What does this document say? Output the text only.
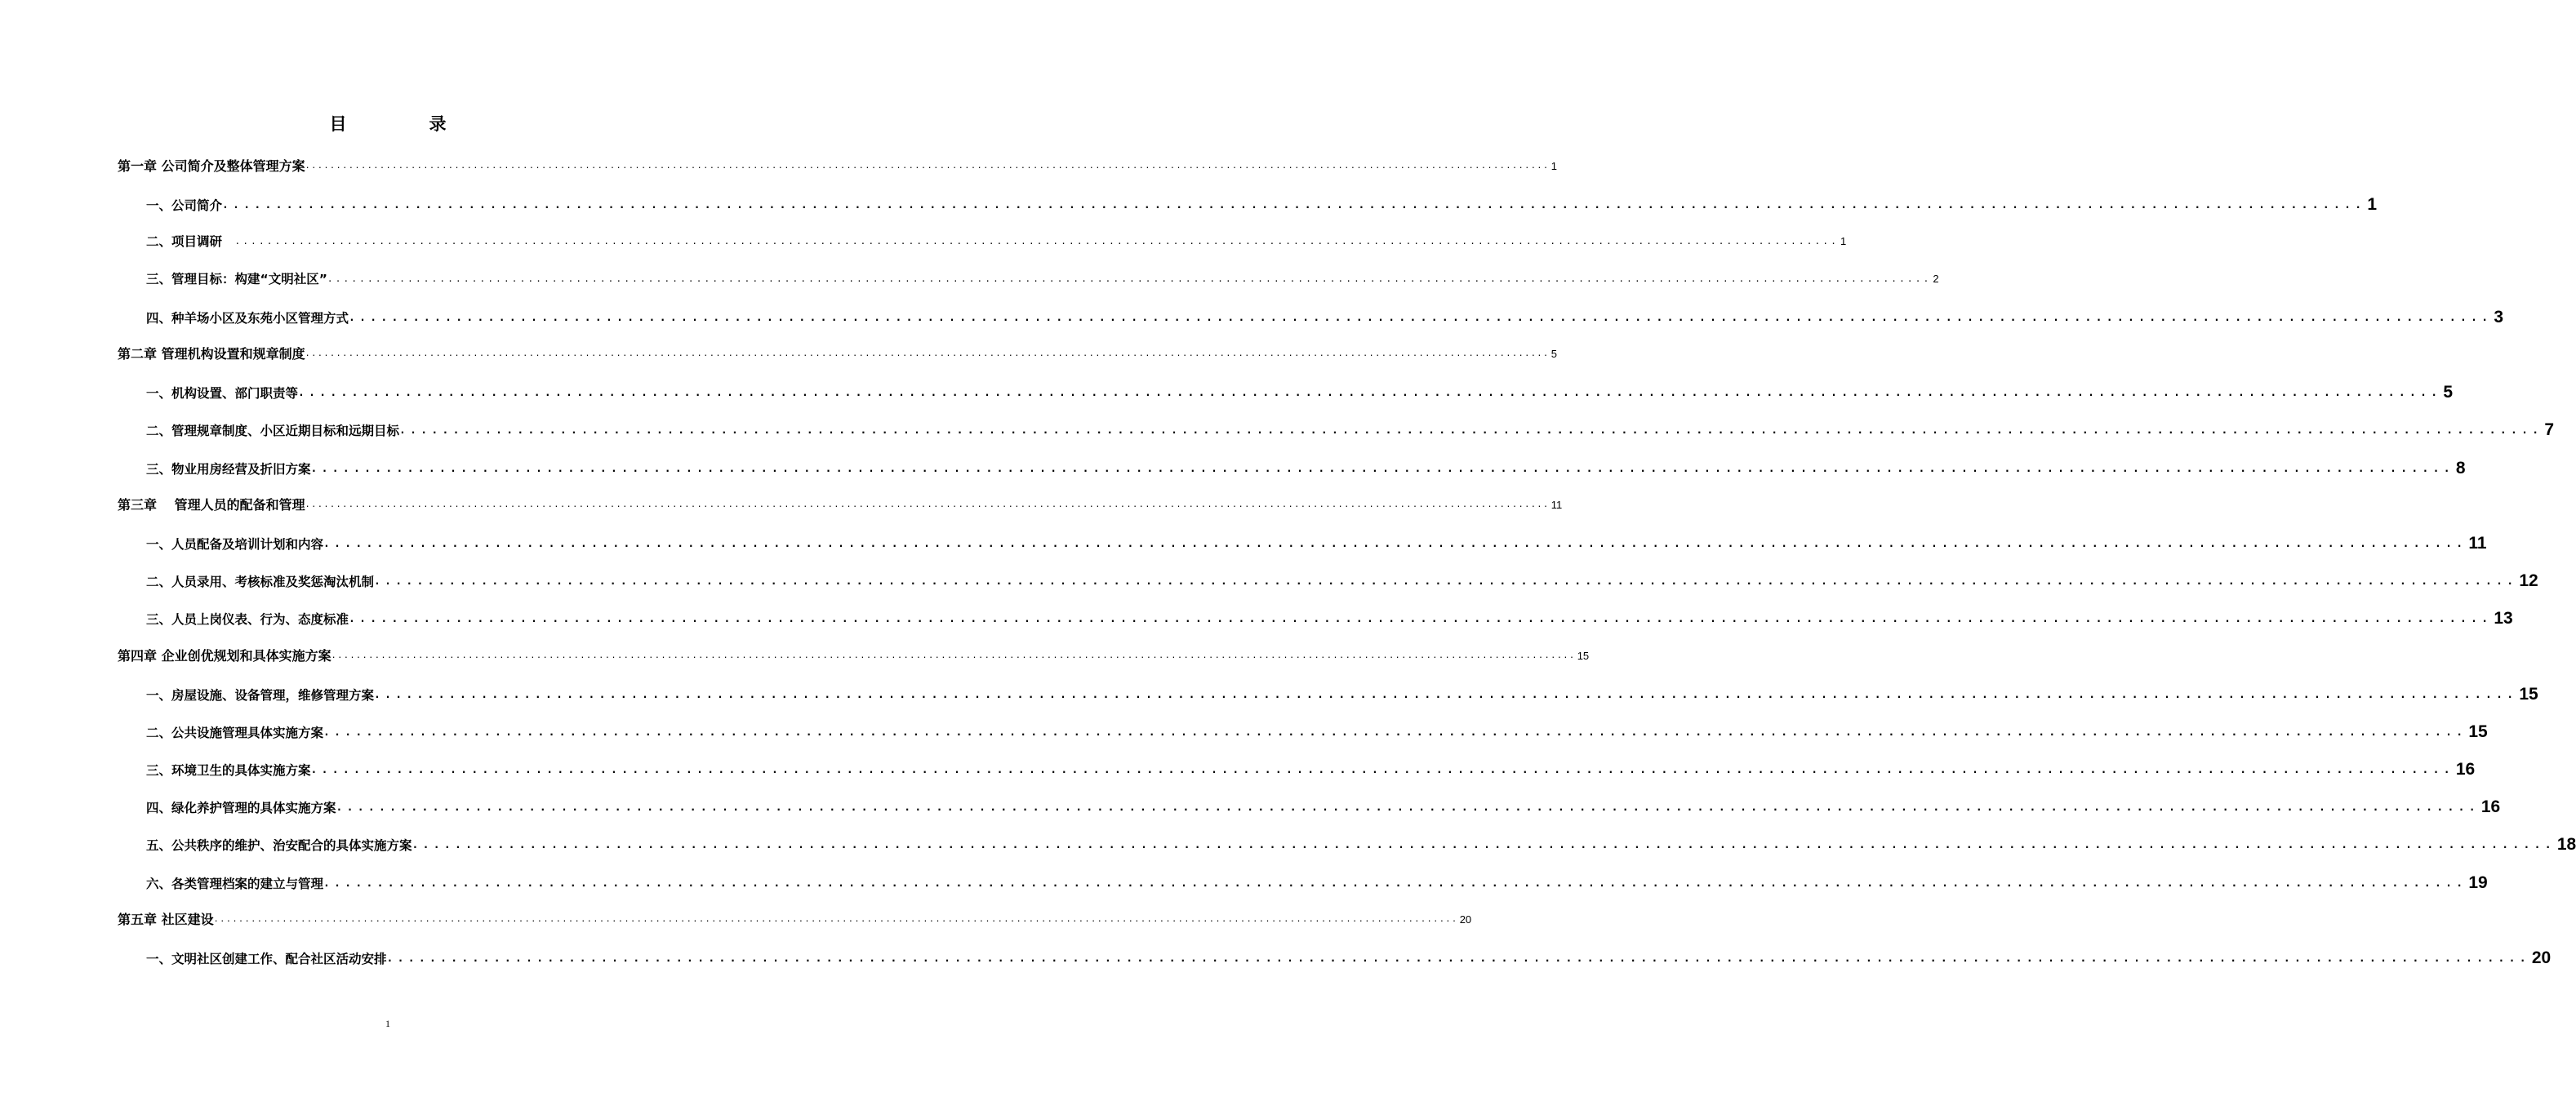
目　录
第一章 公司简介及整体管理方案 ........................................................................................................................................................................................................ 1
一、公司简介 ........................................................................................................................................................................................................ 1
二、项目调研　 ........................................................................................................................................................................................................ 1
三、管理目标：构建“文明社区” ........................................................................................................................................................................................................ 2
四、种羊场小区及东苑小区管理方式 ........................................................................................................................................................................................................ 3
第二章 管理机构设置和规章制度 ........................................................................................................................................................................................................ 5
一、机构设置、部门职责等 ........................................................................................................................................................................................................ 5
二、管理规章制度、小区近期目标和远期目标 ........................................................................................................................................................................................................ 7
三、物业用房经营及折旧方案 ........................................................................................................................................................................................................ 8
第三章　 管理人员的配备和管理 ........................................................................................................................................................................................................ 11
一、人员配备及培训计划和内容 ........................................................................................................................................................................................................ 11
二、人员录用、考核标准及奖惩淘汰机制 ........................................................................................................................................................................................................ 12
三、人员上岗仪表、行为、态度标准 ........................................................................................................................................................................................................ 13
第四章 企业创优规划和具体实施方案 ........................................................................................................................................................................................................ 15
一、房屋设施、设备管理，维修管理方案 ........................................................................................................................................................................................................ 15
二、公共设施管理具体实施方案 ........................................................................................................................................................................................................ 15
三、环境卫生的具体实施方案 ........................................................................................................................................................................................................ 16
四、绿化养护管理的具体实施方案 ........................................................................................................................................................................................................ 16
五、公共秩序的维护、治安配合的具体实施方案 ........................................................................................................................................................................................................ 18
六、各类管理档案的建立与管理 ........................................................................................................................................................................................................ 19
第五章 社区建设 ........................................................................................................................................................................................................ 20
一、文明社区创建工作、配合社区活动安排 ........................................................................................................................................................................................................ 20
1
